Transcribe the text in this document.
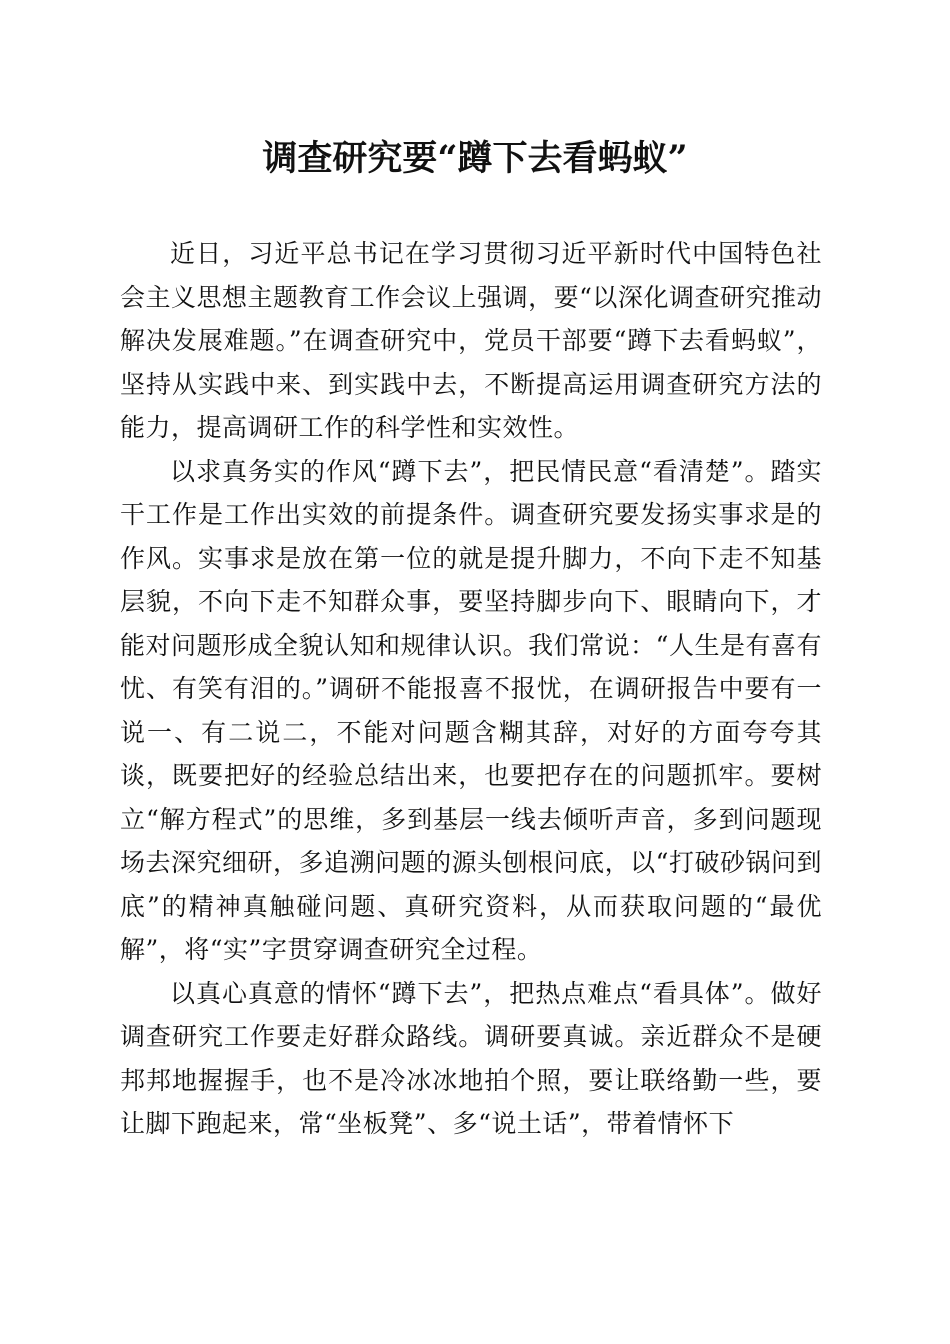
调查研究要“蹲下去看蚂蚁”

近日，习近平总书记在学习贯彻习近平新时代中国特色社会主义思想主题教育工作会议上强调，要“以深化调查研究推动解决发展难题。”在调查研究中，党员干部要“蹲下去看蚂蚁”，坚持从实践中来、到实践中去，不断提高运用调查研究方法的能力，提高调研工作的科学性和实效性。

以求真务实的作风“蹲下去”，把民情民意“看清楚”。踏实干工作是工作出实效的前提条件。调查研究要发扬实事求是的作风。实事求是放在第一位的就是提升脚力，不向下走不知基层貌，不向下走不知群众事，要坚持脚步向下、眼睛向下，才能对问题形成全貌认知和规律认识。我们常说：“人生是有喜有忧、有笑有泪的。”调研不能报喜不报忧，在调研报告中要有一说一、有二说二，不能对问题含糊其辞，对好的方面夸夸其谈，既要把好的经验总结出来，也要把存在的问题抓牢。要树立“解方程式”的思维，多到基层一线去倾听声音，多到问题现场去深究细研，多追溯问题的源头刨根问底，以“打破砂锅问到底”的精神真触碰问题、真研究资料，从而获取问题的“最优解”，将“实”字贯穿调查研究全过程。

以真心真意的情怀“蹲下去”，把热点难点“看具体”。做好调查研究工作要走好群众路线。调研要真诚。亲近群众不是硬邦邦地握握手，也不是冷冰冰地拍个照，要让联络勤一些，要让脚下跑起来，常“坐板凳”、多“说土话”，带着情怀下
